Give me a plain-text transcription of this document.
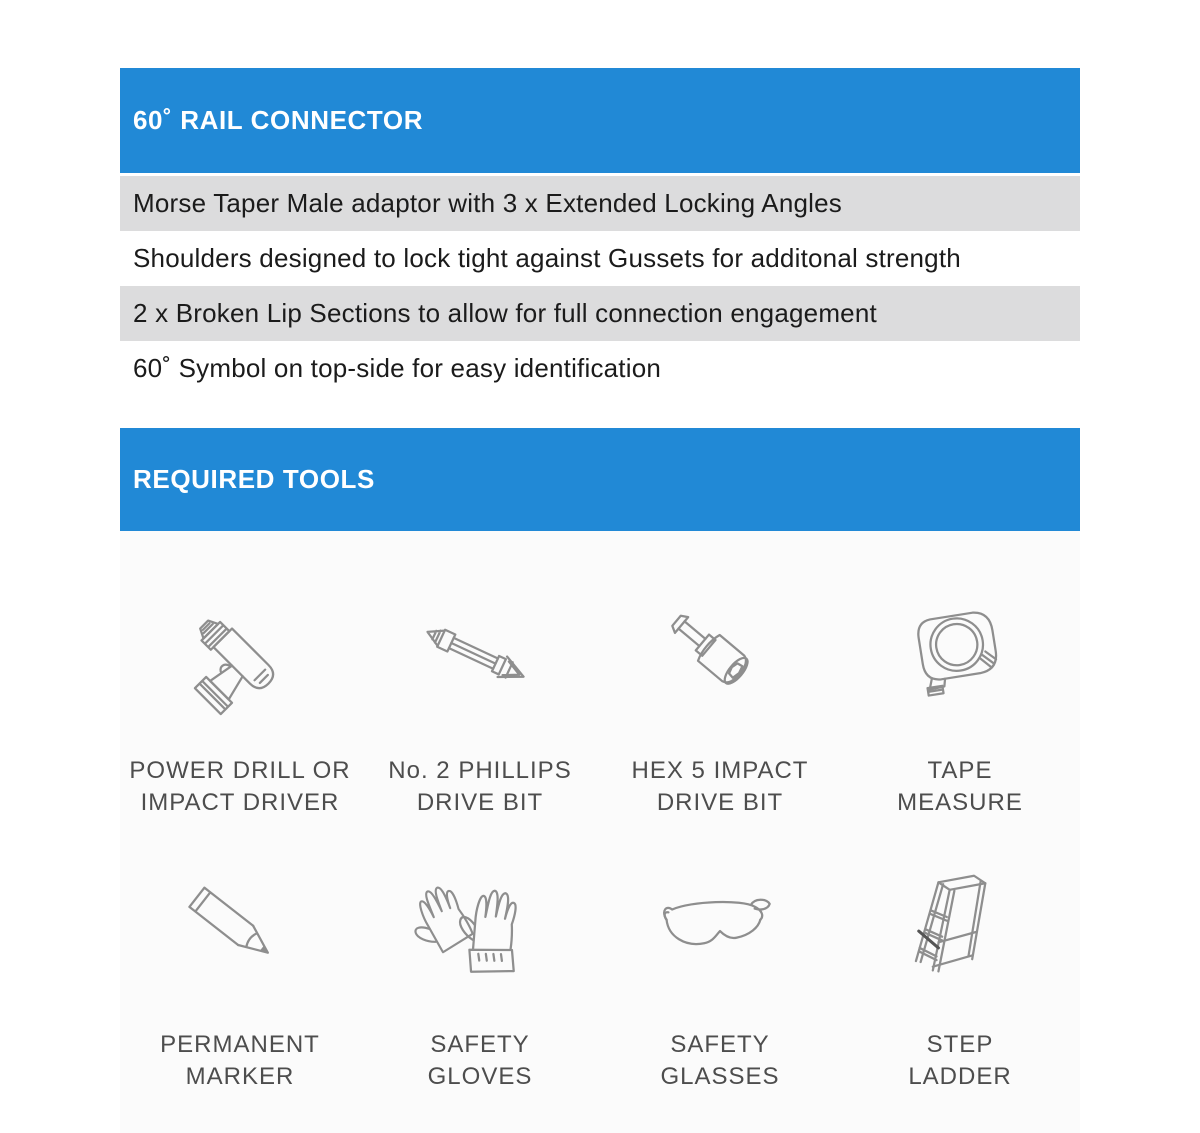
60˚ RAIL CONNECTOR
Morse Taper Male adaptor with 3 x Extended Locking Angles
Shoulders designed to lock tight against Gussets for additonal strength
2 x Broken Lip Sections to allow for full connection engagement
60˚ Symbol on top-side for easy identification
REQUIRED TOOLS
POWER DRILL OR
IMPACT DRIVER
No. 2 PHILLIPS
DRIVE BIT
HEX 5 IMPACT
DRIVE BIT
TAPE
MEASURE
PERMANENT
MARKER
SAFETY
GLOVES
SAFETY
GLASSES
STEP
LADDER
